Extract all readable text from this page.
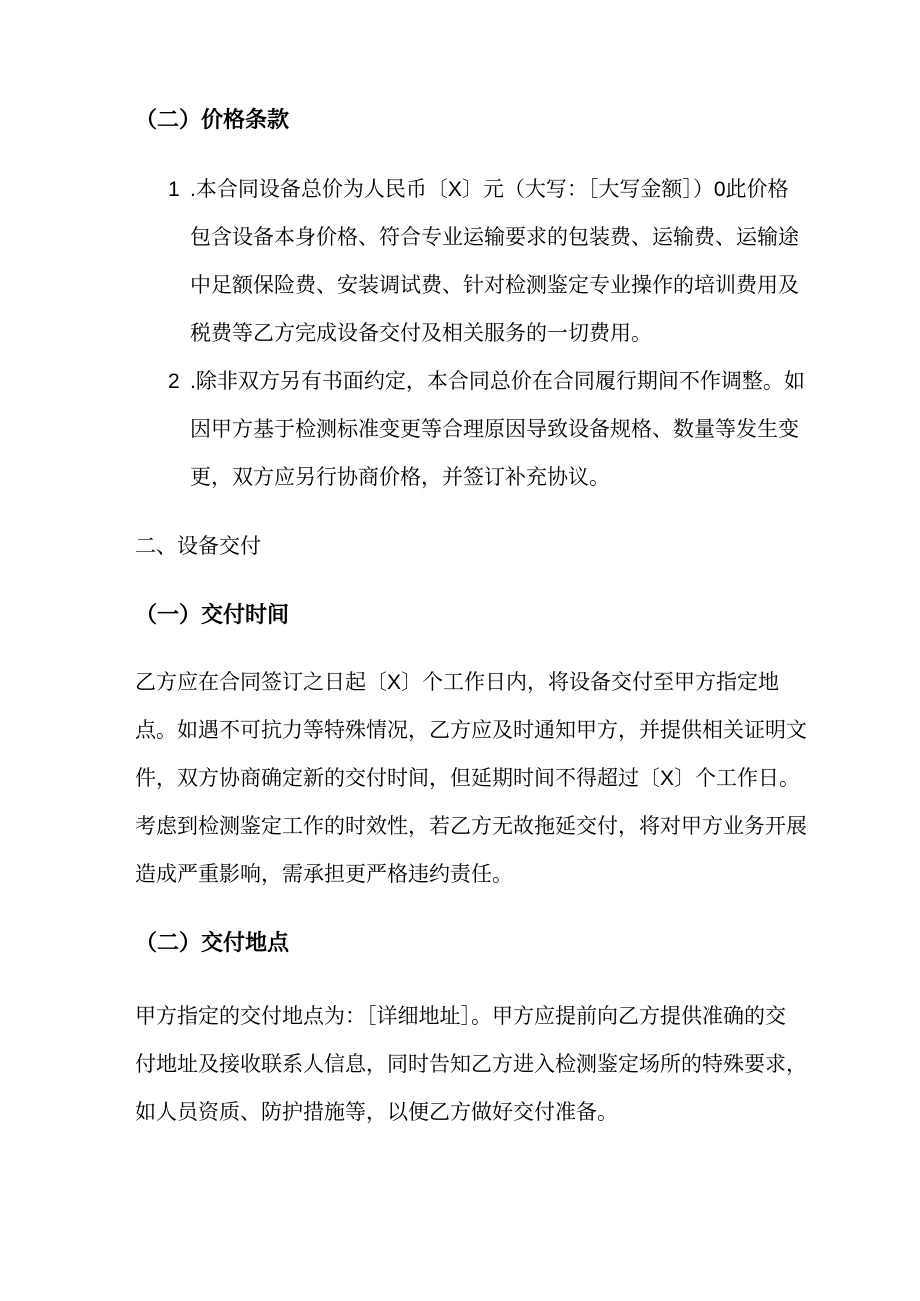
（二）价格条款
1 .本合同设备总价为人民币〔X〕元（大写：［大写金额］）0此价格
包含设备本身价格、符合专业运输要求的包装费、运输费、运输途
中足额保险费、安装调试费、针对检测鉴定专业操作的培训费用及
税费等乙方完成设备交付及相关服务的一切费用。
2 .除非双方另有书面约定，本合同总价在合同履行期间不作调整。如
因甲方基于检测标准变更等合理原因导致设备规格、数量等发生变
更，双方应另行协商价格，并签订补充协议。
二、设备交付
（一）交付时间
乙方应在合同签订之日起〔X〕个工作日内，将设备交付至甲方指定地
点。如遇不可抗力等特殊情况，乙方应及时通知甲方，并提供相关证明文
件，双方协商确定新的交付时间，但延期时间不得超过〔X〕个工作日。
考虑到检测鉴定工作的时效性，若乙方无故拖延交付，将对甲方业务开展
造成严重影响，需承担更严格违约责任。
（二）交付地点
甲方指定的交付地点为：［详细地址］。甲方应提前向乙方提供准确的交
付地址及接收联系人信息，同时告知乙方进入检测鉴定场所的特殊要求，
如人员资质、防护措施等，以便乙方做好交付准备。
